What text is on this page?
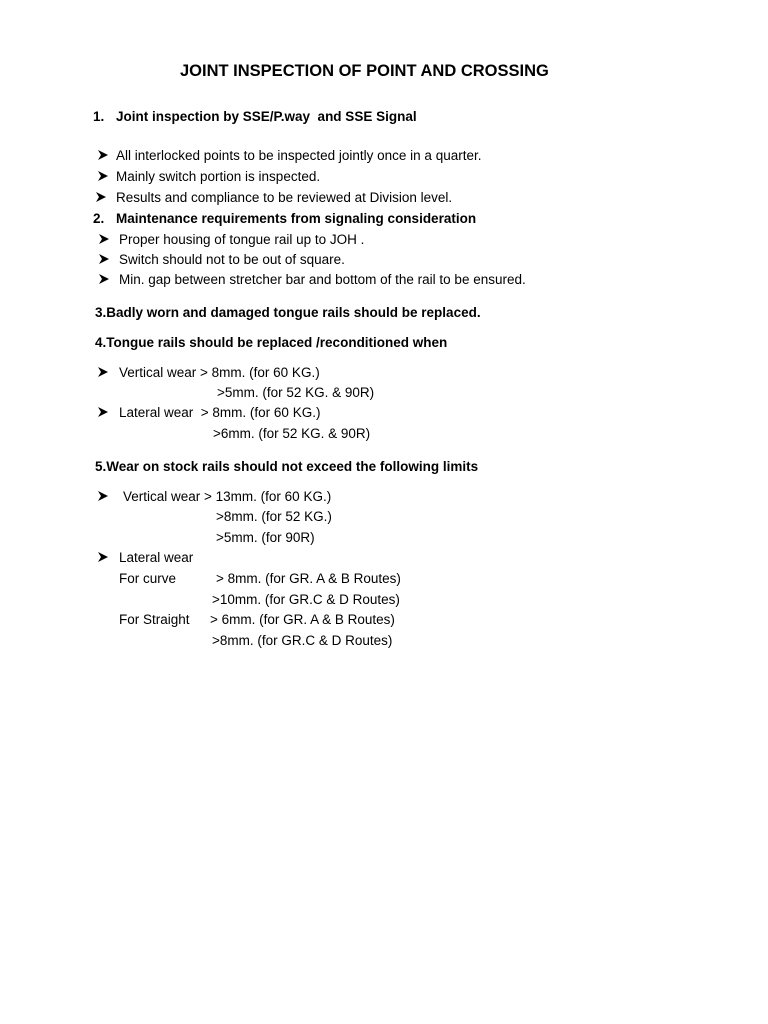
JOINT INSPECTION OF POINT AND CROSSING
1. Joint inspection by SSE/P.way  and SSE Signal
All interlocked points to be inspected jointly once in a quarter.
Mainly switch portion is inspected.
Results and compliance to be reviewed at Division level.
2. Maintenance requirements from signaling consideration
Proper housing of tongue rail up to JOH .
Switch should not to be out of square.
Min. gap between stretcher bar and bottom of the rail to be ensured.
3.Badly worn and damaged tongue rails should be replaced.
4.Tongue rails should be replaced /reconditioned when
Vertical wear > 8mm. (for 60 KG.)
>5mm. (for 52 KG. & 90R)
Lateral wear  > 8mm. (for 60 KG.)
>6mm. (for 52 KG. & 90R)
5.Wear on stock rails should not exceed the following limits
Vertical wear > 13mm. (for 60 KG.)
>8mm. (for 52 KG.)
>5mm. (for 90R)
Lateral wear
For curve	> 8mm. (for GR. A & B Routes)
>10mm. (for GR.C & D Routes)
For Straight > 6mm. (for GR. A & B Routes)
>8mm. (for GR.C & D Routes)
